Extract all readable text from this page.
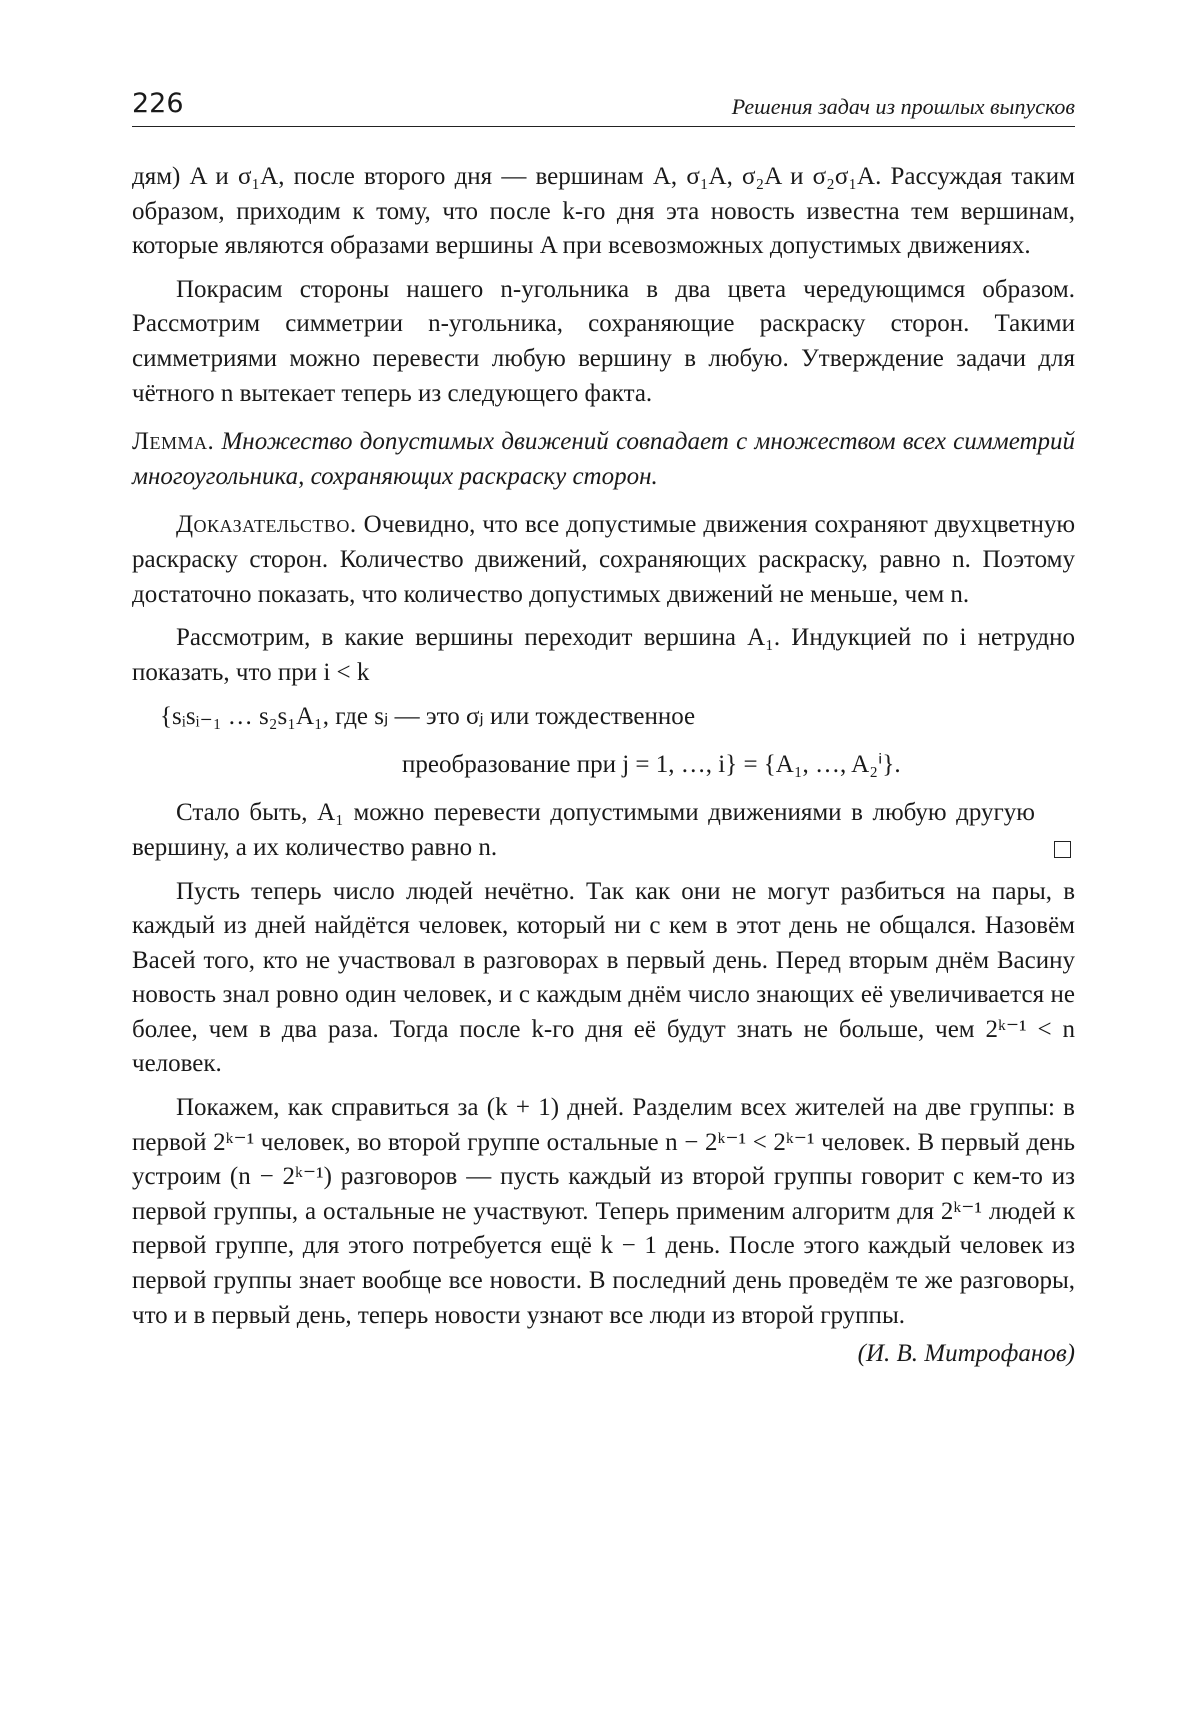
226	Решения задач из прошлых выпусков

дям) A и σ₁A, после второго дня — вершинам A, σ₁A, σ₂A и σ₂σ₁A. Рассуждая таким образом, приходим к тому, что после k-го дня эта новость известна тем вершинам, которые являются образами вершины A при всевозможных допустимых движениях.

Покрасим стороны нашего n-угольника в два цвета чередующимся образом. Рассмотрим симметрии n-угольника, сохраняющие раскраску сторон. Такими симметриями можно перевести любую вершину в любую. Утверждение задачи для чётного n вытекает теперь из следующего факта.

Лемма. Множество допустимых движений совпадает с множеством всех симметрий многоугольника, сохраняющих раскраску сторон.

Доказательство. Очевидно, что все допустимые движения сохраняют двухцветную раскраску сторон. Количество движений, сохраняющих раскраску, равно n. Поэтому достаточно показать, что количество допустимых движений не меньше, чем n.

Рассмотрим, в какие вершины переходит вершина A₁. Индукцией по i нетрудно показать, что при i < k

{sᵢsᵢ₋₁ … s₂s₁A₁, где sⱼ — это σⱼ или тождественное
преобразование при j = 1, …, i} = {A₁, …, A₂ⁱ}.

Стало быть, A₁ можно перевести допустимыми движениями в любую другую вершину, а их количество равно n.

Пусть теперь число людей нечётно. Так как они не могут разбиться на пары, в каждый из дней найдётся человек, который ни с кем в этот день не общался. Назовём Васей того, кто не участвовал в разговорах в первый день. Перед вторым днём Васину новость знал ровно один человек, и с каждым днём число знающих её увеличивается не более, чем в два раза. Тогда после k-го дня её будут знать не больше, чем 2ᵏ⁻¹ < n человек.

Покажем, как справиться за (k + 1) дней. Разделим всех жителей на две группы: в первой 2ᵏ⁻¹ человек, во второй группе остальные n − 2ᵏ⁻¹ < 2ᵏ⁻¹ человек. В первый день устроим (n − 2ᵏ⁻¹) разговоров — пусть каждый из второй группы говорит с кем-то из первой группы, а остальные не участвуют. Теперь применим алгоритм для 2ᵏ⁻¹ людей к первой группе, для этого потребуется ещё k − 1 день. После этого каждый человек из первой группы знает вообще все новости. В последний день проведём те же разговоры, что и в первый день, теперь новости узнают все люди из второй группы.

(И. В. Митрофанов)
